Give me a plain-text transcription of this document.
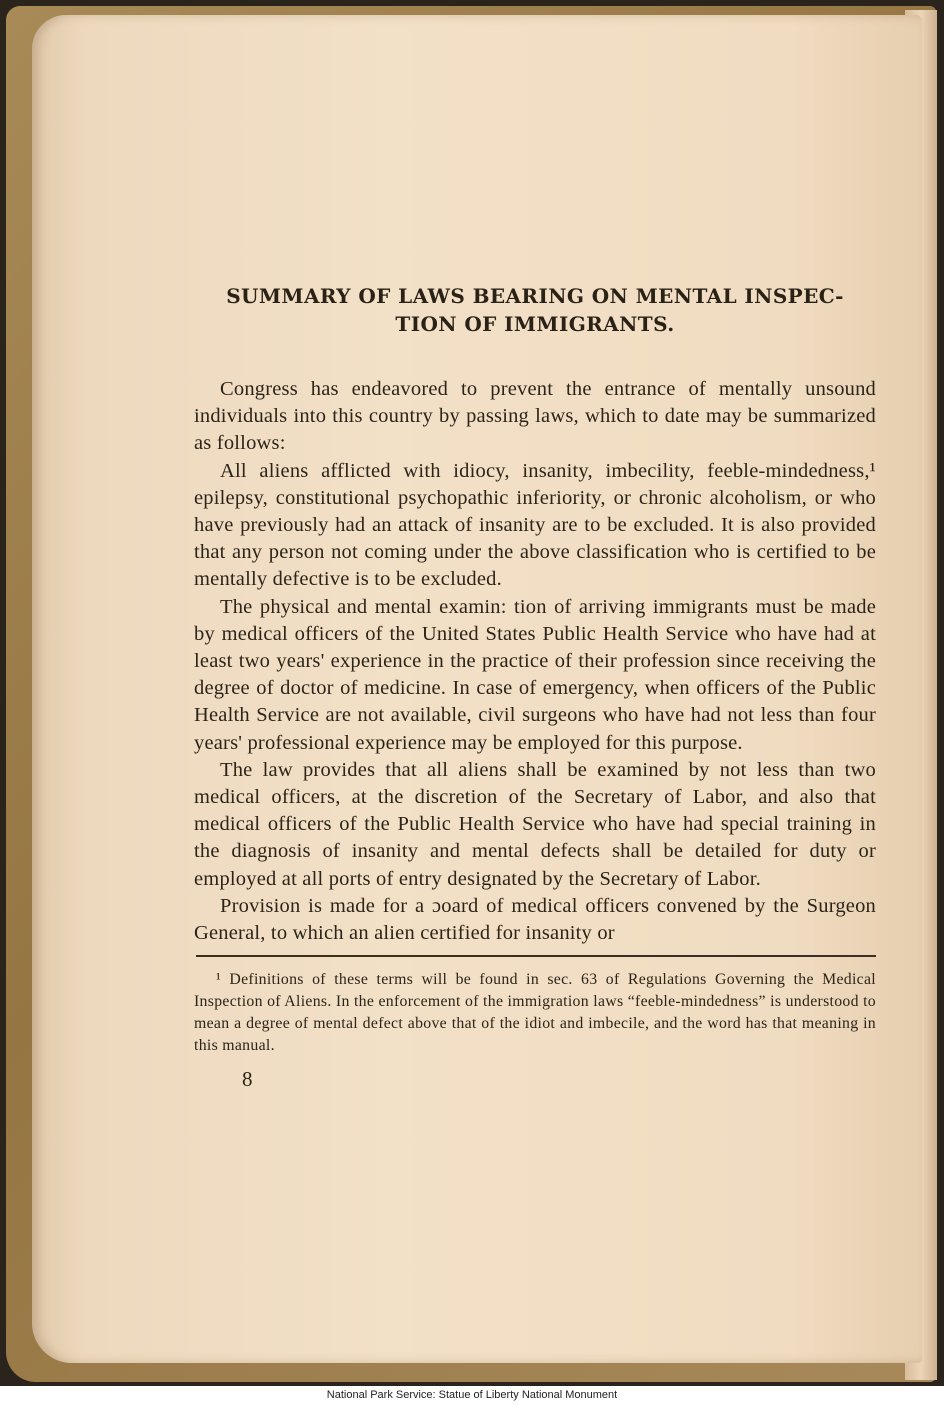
SUMMARY OF LAWS BEARING ON MENTAL INSPEC-
TION OF IMMIGRANTS.

Congress has endeavored to prevent the entrance of mentally unsound individuals into this country by passing laws, which to date may be summarized as follows:

All aliens afflicted with idiocy, insanity, imbecility, feeble-mindedness,¹ epilepsy, constitutional psychopathic inferiority, or chronic alcoholism, or who have previously had an attack of insanity are to be excluded. It is also provided that any person not coming under the above classification who is certified to be mentally defective is to be excluded.

The physical and mental examin: tion of arriving immigrants must be made by medical officers of the United States Public Health Service who have had at least two years' experience in the practice of their profession since receiving the degree of doctor of medicine. In case of emergency, when officers of the Public Health Service are not available, civil surgeons who have had not less than four years' professional experience may be employed for this purpose.

The law provides that all aliens shall be examined by not less than two medical officers, at the discretion of the Secretary of Labor, and also that medical officers of the Public Health Service who have had special training in the diagnosis of insanity and mental defects shall be detailed for duty or employed at all ports of entry designated by the Secretary of Labor.

Provision is made for a ɔoard of medical officers convened by the Surgeon General, to which an alien certified for insanity or

¹ Definitions of these terms will be found in sec. 63 of Regulations Governing the Medical Inspection of Aliens. In the enforcement of the immigration laws “feeble-mindedness” is understood to mean a degree of mental defect above that of the idiot and imbecile, and the word has that meaning in this manual.

8
National Park Service: Statue of Liberty National Monument
